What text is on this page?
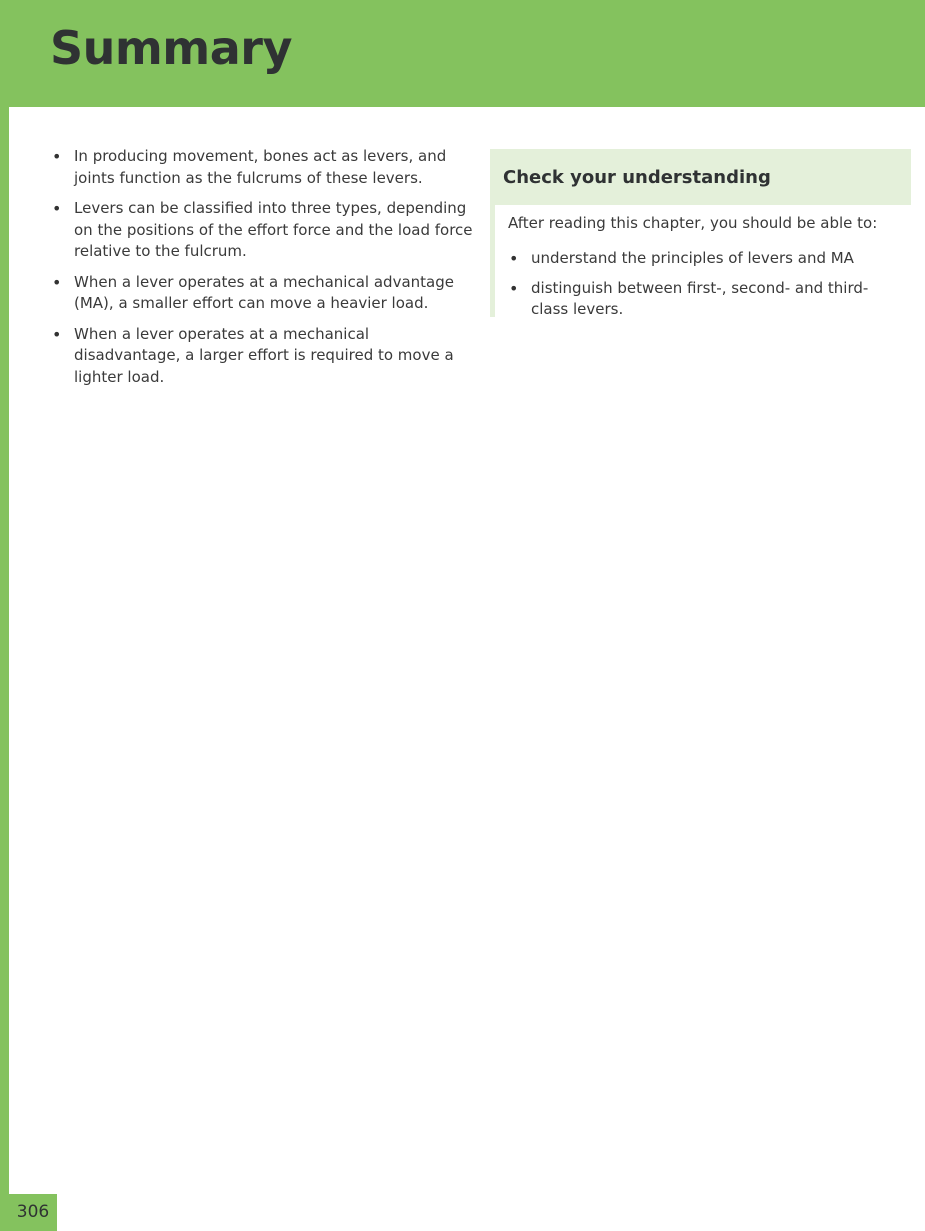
Summary
• In producing movement, bones act as levers, and joints function as the fulcrums of these levers.
• Levers can be classified into three types, depending on the positions of the effort force and the load force relative to the fulcrum.
• When a lever operates at a mechanical advantage (MA), a smaller effort can move a heavier load.
• When a lever operates at a mechanical disadvantage, a larger effort is required to move a lighter load.
Check your understanding

After reading this chapter, you should be able to:

• understand the principles of levers and MA
• distinguish between first-, second- and third-class levers.
306
